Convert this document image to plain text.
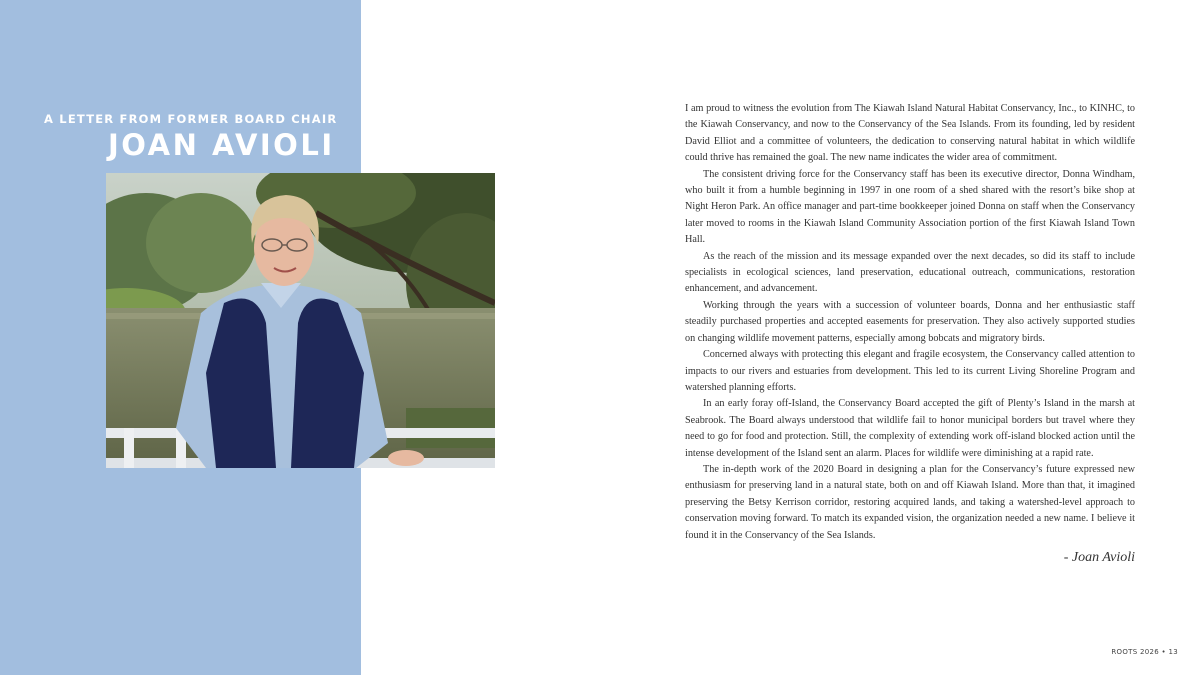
A LETTER FROM FORMER BOARD CHAIR
JOAN AVIOLI

I am proud to witness the evolution from The Kiawah Island Natural Habitat Conservancy, Inc., to KINHC, to the Kiawah Conservancy, and now to the Conservancy of the Sea Islands. From its founding, led by resident David Elliot and a committee of volunteers, the dedication to conserving natural habitat in which wildlife could thrive has remained the goal. The new name indicates the wider area of commitment.

The consistent driving force for the Conservancy staff has been its executive director, Donna Windham, who built it from a humble beginning in 1997 in one room of a shed shared with the resort’s bike shop at Night Heron Park. An office manager and part-time bookkeeper joined Donna on staff when the Conservancy later moved to rooms in the Kiawah Island Community Association portion of the first Kiawah Island Town Hall.

As the reach of the mission and its message expanded over the next decades, so did its staff to include specialists in ecological sciences, land preservation, educational outreach, communications, restoration enhancement, and advancement.

Working through the years with a succession of volunteer boards, Donna and her enthusiastic staff steadily purchased properties and accepted easements for preservation. They also actively supported studies on changing wildlife movement patterns, especially among bobcats and migratory birds.

Concerned always with protecting this elegant and fragile ecosystem, the Conservancy called attention to impacts to our rivers and estuaries from development. This led to its current Living Shoreline Program and watershed planning efforts.

In an early foray off-Island, the Conservancy Board accepted the gift of Plenty’s Island in the marsh at Seabrook. The Board always understood that wildlife fail to honor municipal borders but travel where they need to go for food and protection. Still, the complexity of extending work off-island blocked action until the intense development of the Island sent an alarm. Places for wildlife were diminishing at a rapid rate.

The in-depth work of the 2020 Board in designing a plan for the Conservancy’s future expressed new enthusiasm for preserving land in a natural state, both on and off Kiawah Island. More than that, it imagined preserving the Betsy Kerrison corridor, restoring acquired lands, and taking a watershed-level approach to conservation moving forward. To match its expanded vision, the organization needed a new name. I believe it found it in the Conservancy of the Sea Islands.

- Joan Avioli
ROOTS 2026 • 13
